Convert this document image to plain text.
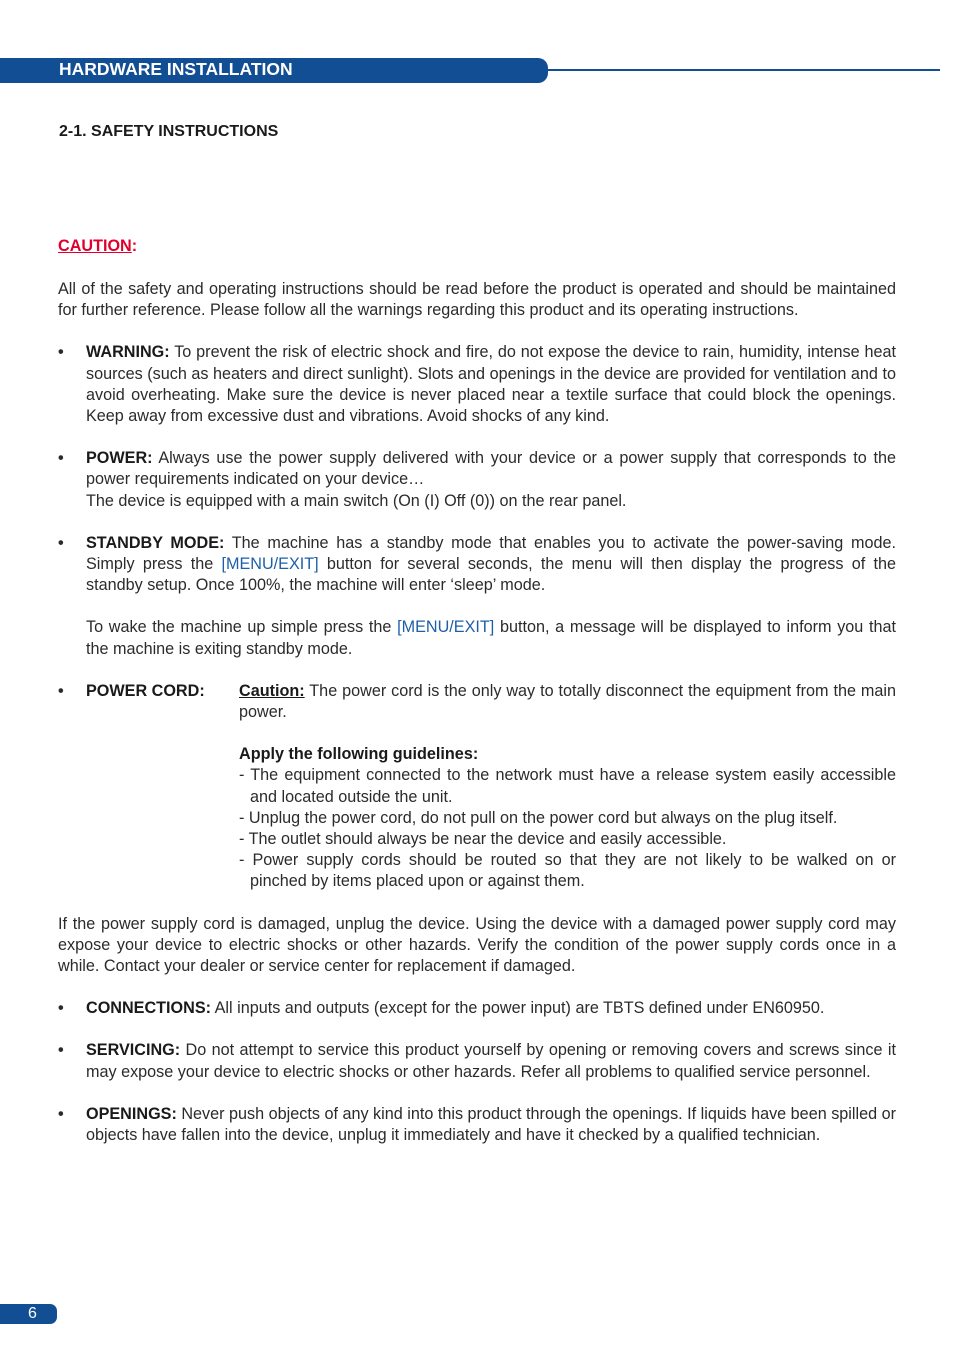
HARDWARE INSTALLATION
2-1. SAFETY INSTRUCTIONS

CAUTION:

All of the safety and operating instructions should be read before the product is operated and should be maintained for further reference. Please follow all the warnings regarding this product and its operating instructions.

• WARNING: To prevent the risk of electric shock and fire, do not expose the device to rain, humidity, intense heat sources (such as heaters and direct sunlight). Slots and openings in the device are provided for ventilation and to avoid overheating. Make sure the device is never placed near a textile surface that could block the openings. Keep away from excessive dust and vibrations. Avoid shocks of any kind.
• POWER: Always use the power supply delivered with your device or a power supply that corresponds to the power requirements indicated on your device…

The device is equipped with a main switch (On (I) Off (0)) on the rear panel.

• STANDBY MODE: The machine has a standby mode that enables you to activate the power-saving mode. Simply press the [MENU/EXIT] button for several seconds, the menu will then display the progress of the standby setup. Once 100%, the machine will enter ‘sleep’ mode.

To wake the machine up simple press the [MENU/EXIT] button, a message will be displayed to inform you that the machine is exiting standby mode.

• POWER CORD: Caution: The power cord is the only way to totally disconnect the equipment from the main power.

Apply the following guidelines:

- The equipment connected to the network must have a release system easily accessible and located outside the unit.

- Unplug the power cord, do not pull on the power cord but always on the plug itself.

- The outlet should always be near the device and easily accessible.

- Power supply cords should be routed so that they are not likely to be walked on or pinched by items placed upon or against them.

If the power supply cord is damaged, unplug the device. Using the device with a damaged power supply cord may expose your device to electric shocks or other hazards. Verify the condition of the power supply cords once in a while. Contact your dealer or service center for replacement if damaged.

• CONNECTIONS: All inputs and outputs (except for the power input) are TBTS defined under EN60950.
• SERVICING: Do not attempt to service this product yourself by opening or removing covers and screws since it may expose your device to electric shocks or other hazards. Refer all problems to qualified service personnel.
• OPENINGS: Never push objects of any kind into this product through the openings. If liquids have been spilled or objects have fallen into the device, unplug it immediately and have it checked by a qualified technician.
6
